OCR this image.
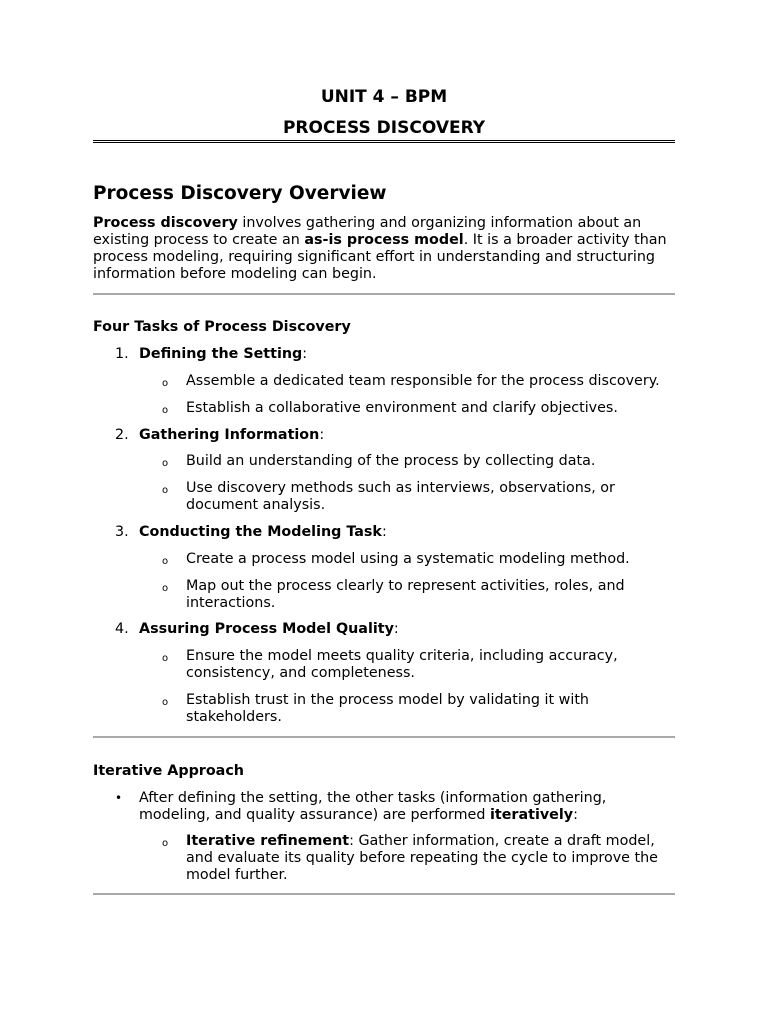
UNIT 4 – BPM

PROCESS DISCOVERY

Process Discovery Overview

Process discovery involves gathering and organizing information about an existing process to create an as-is process model. It is a broader activity than process modeling, requiring significant effort in understanding and structuring information before modeling can begin.

Four Tasks of Process Discovery

1. Defining the Setting:

o Assemble a dedicated team responsible for the process discovery.

o Establish a collaborative environment and clarify objectives.

2. Gathering Information:

o Build an understanding of the process by collecting data.

o Use discovery methods such as interviews, observations, or document analysis.

3. Conducting the Modeling Task:

o Create a process model using a systematic modeling method.

o Map out the process clearly to represent activities, roles, and interactions.

4. Assuring Process Model Quality:

o Ensure the model meets quality criteria, including accuracy, consistency, and completeness.

o Establish trust in the process model by validating it with stakeholders.

Iterative Approach

• After defining the setting, the other tasks (information gathering, modeling, and quality assurance) are performed iteratively:

o Iterative refinement: Gather information, create a draft model, and evaluate its quality before repeating the cycle to improve the model further.
